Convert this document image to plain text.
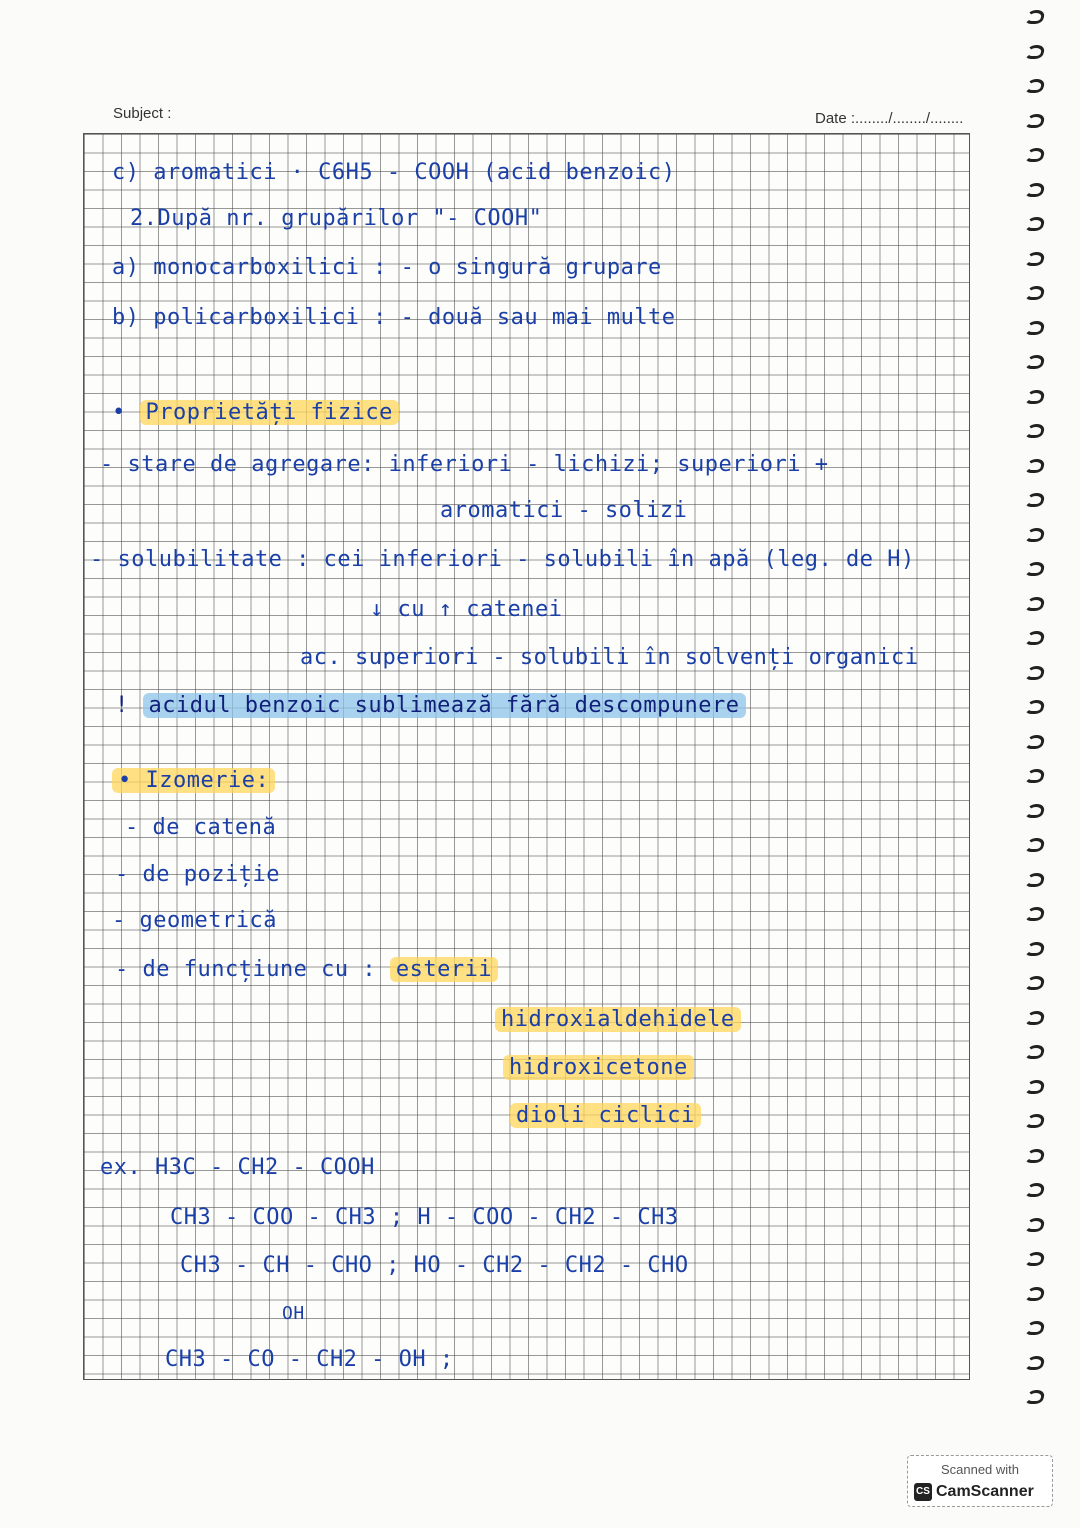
Subject :	Date :......../......../........
c) aromatici · C6H5 - COOH (acid benzoic)
2.După nr. grupărilor "- COOH"
a) monocarboxilici : - o singură grupare
b) policarboxilici : - două sau mai multe
• Proprietăți fizice
- stare de agregare: inferiori - lichizi; superiori +
aromatici - solizi
- solubilitate : cei inferiori - solubili în apă (leg. de H)
↓ cu ↑ catenei
ac. superiori - solubili în solvenți organici
! acidul benzoic sublimează fără descompunere
• Izomerie:
- de catenă
- de poziție
- geometrică
- de funcțiune cu : esterii
hidroxialdehidele
hidroxicetone
dioli ciclici
ex. H3C - CH2 - COOH
CH3 - COO - CH3 ; H - COO - CH2 - CH3
CH3 - CH - CHO ; HO - CH2 - CH2 - CHO
OH
CH3 - CO - CH2 - OH ;
Scanned with
CS CamScanner
